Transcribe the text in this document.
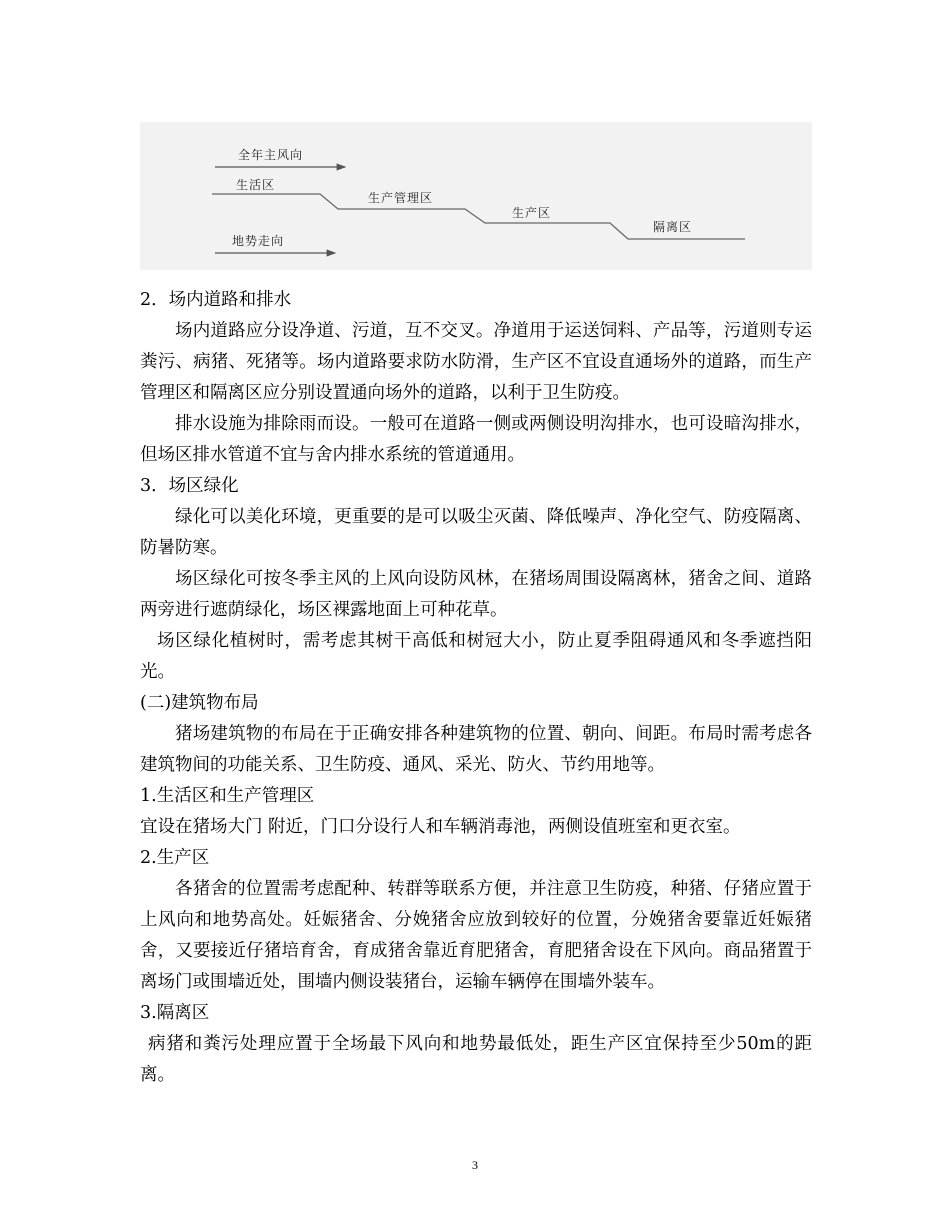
全年主风向
生活区
生产管理区
生产区
隔离区
地势走向

2．场内道路和排水

场内道路应分设净道、污道，互不交叉。净道用于运送饲料、产品等，污道则专运粪污、病猪、死猪等。场内道路要求防水防滑，生产区不宜设直通场外的道路，而生产管理区和隔离区应分别设置通向场外的道路，以利于卫生防疫。

排水设施为排除雨而设。一般可在道路一侧或两侧设明沟排水，也可设暗沟排水，但场区排水管道不宜与舍内排水系统的管道通用。

3．场区绿化

绿化可以美化环境，更重要的是可以吸尘灭菌、降低噪声、净化空气、防疫隔离、防暑防寒。

场区绿化可按冬季主风的上风向设防风林，在猪场周围设隔离林，猪舍之间、道路两旁进行遮荫绿化，场区裸露地面上可种花草。

场区绿化植树时，需考虑其树干高低和树冠大小，防止夏季阻碍通风和冬季遮挡阳光。

(二)建筑物布局

猪场建筑物的布局在于正确安排各种建筑物的位置、朝向、间距。布局时需考虑各建筑物间的功能关系、卫生防疫、通风、采光、防火、节约用地等。

1.生活区和生产管理区

宜设在猪场大门 附近，门口分设行人和车辆消毒池，两侧设值班室和更衣室。

2.生产区

各猪舍的位置需考虑配种、转群等联系方便，并注意卫生防疫，种猪、仔猪应置于上风向和地势高处。妊娠猪舍、分娩猪舍应放到较好的位置，分娩猪舍要靠近妊娠猪舍，又要接近仔猪培育舍，育成猪舍靠近育肥猪舍，育肥猪舍设在下风向。商品猪置于离场门或围墙近处，围墙内侧设装猪台，运输车辆停在围墙外装车。

3.隔离区

病猪和粪污处理应置于全场最下风向和地势最低处，距生产区宜保持至少50m的距离。

3
